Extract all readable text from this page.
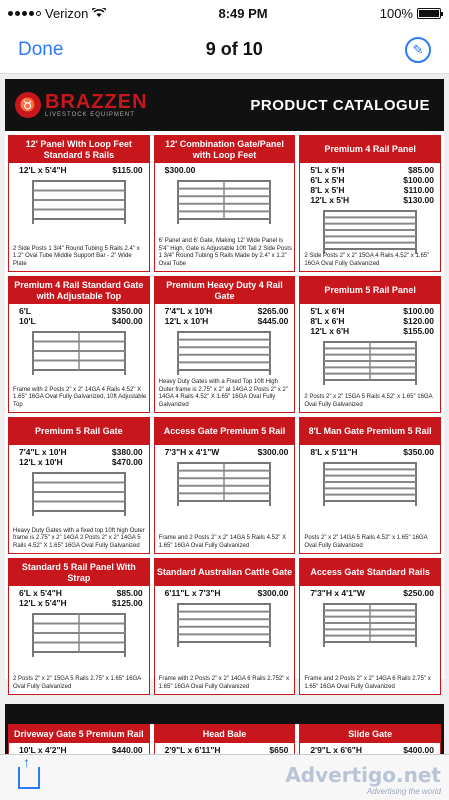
Verizon	8:49 PM	100%
Done	9 of 10	✎
♉ BRAZZEN
LIVESTOCK EQUIPMENT
PRODUCT CATALOGUE
12' Panel With Loop Feet Standard 5 Rails
12'L x 5'4"H	$115.00
2 Side Posts 1 3/4" Round Tubing 5 Rails 2.4" x 1.2" Oval Tube Middle Support Bar - 2" Wide Plate
12' Combination Gate/Panel with Loop Feet
$300.00
6' Panel and 6' Gate, Making 12' Wide Panel is 5'4" High, Gate is Adjustable 10ft Tall 2 Side Posts 1 3/4" Round Tubing 5 Rails Made by 2.4" x 1.2" Oval Tube
Premium 4 Rail Panel
5'L x 5'H	$85.00
6'L x 5'H	$100.00
8'L x 5'H	$110.00
12'L x 5'H	$130.00
2 Side Posts 2" x 2" 15GA 4 Rails 4.52" x 1.65" 16GA Oval Fully Galvanized
Premium 4 Rail Standard Gate with Adjustable Top
6'L	$350.00
10'L	$400.00
Frame with 2 Posts 2" x 2" 14GA 4 Rails 4.52" X 1.65" 16GA Oval Fully Galvanized, 10ft Adjustable Top
Premium Heavy Duty 4 Rail Gate
7'4"L x 10'H	$265.00
12'L x 10'H	$445.00
Heavy Duty Gates with a Fixed Top 10ft High Outer frame is 2.75" x 2" at 14GA 2 Posts 2" x 2" 14GA 4 Rails 4.52" X 1.65" 16GA Oval Fully Galvanized
Premium 5 Rail Panel
5'L x 6'H	$100.00
8'L x 6'H	$120.00
12'L x 6'H	$155.00
2 Posts 2" x 2" 15GA 5 Rails 4.52" x 1.65" 16GA Oval Fully Galvanized
Premium 5 Rail Gate
7'4"L x 10'H	$380.00
12'L x 10'H	$470.00
Heavy Duty Gates with a fixed top 10ft high Outer frame is 2.75" x 2" 14GA 2 Posts 2" x 2" 14GA 5 Rails 4.52" X 1.65" 16GA Oval Fully Galvanized
Access Gate Premium 5 Rail
7'3"H x 4'1"W	$300.00
Frame and 2 Posts 2" x 2" 14GA 5 Rails 4.52" X 1.65" 16GA Oval Fully Galvanized
8'L Man Gate Premium 5 Rail
8'L x 5'11"H	$350.00
Posts 2" x 2" 14GA 5 Rails 4.52" x 1.65" 16GA Oval Fully Galvanized
Standard 5 Rail Panel With Strap
6'L x 5'4"H	$85.00
12'L x 5'4"H	$125.00
2 Posts 2" x 2" 15GA 5 Rails 2.75" x 1.65" 16GA Oval Fully Galvanized
Standard Australian Cattle Gate
6'11"L x 7'3"H	$300.00
Frame with 2 Posts 2" x 2" 14GA 6 Rails 2.752" x 1.65" 16GA Oval Fully Galvanized
Access Gate Standard Rails
7'3"H x 4'1"W	$250.00
Frame and 2 Posts 2" x 2" 14GA 6 Rails 2.75" x 1.65" 16GA Oval Fully Galvanized
Driveway Gate 5 Premium Rail
10'L x 4'2"H	$440.00
Head Bale
2'9"L x 6'11"H	$650
Slide Gate
2'9"L x 6'6"H	$400.00
↑
Advertigo.net
Advertising the world
